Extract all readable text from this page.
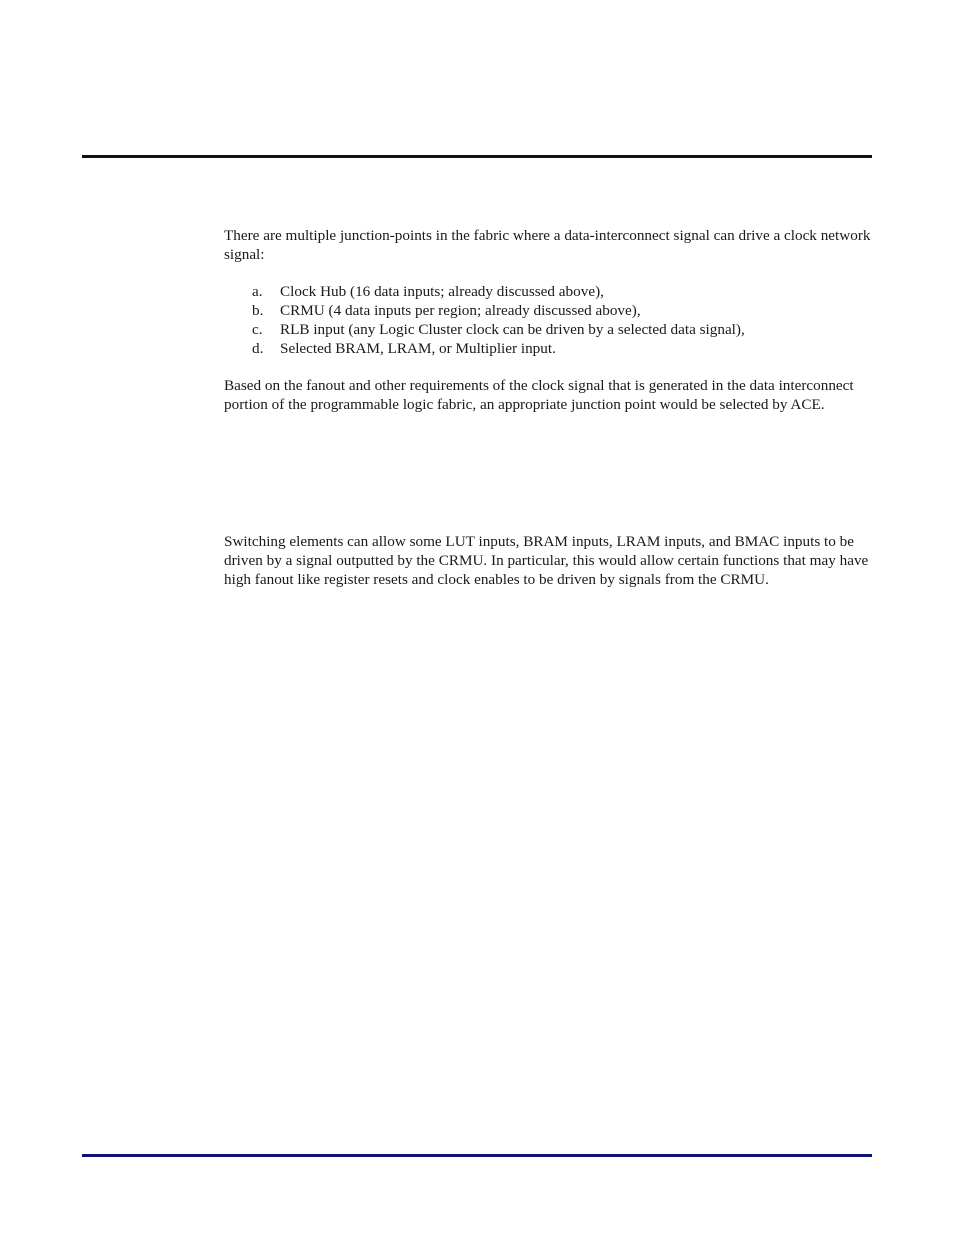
There are multiple junction-points in the fabric where a data-interconnect signal can drive a clock network signal:

a.	Clock Hub (16 data inputs; already discussed above),
b.	CRMU (4 data inputs per region; already discussed above),
c.	RLB input (any Logic Cluster clock can be driven by a selected data signal),
d.	Selected BRAM, LRAM, or Multiplier input.

Based on the fanout and other requirements of the clock signal that is generated in the data interconnect portion of the programmable logic fabric, an appropriate junction point would be selected by ACE.

Switching elements can allow some LUT inputs, BRAM inputs, LRAM inputs, and BMAC inputs to be driven by a signal outputted by the CRMU. In particular, this would allow certain functions that may have high fanout like register resets and clock enables to be driven by signals from the CRMU.
